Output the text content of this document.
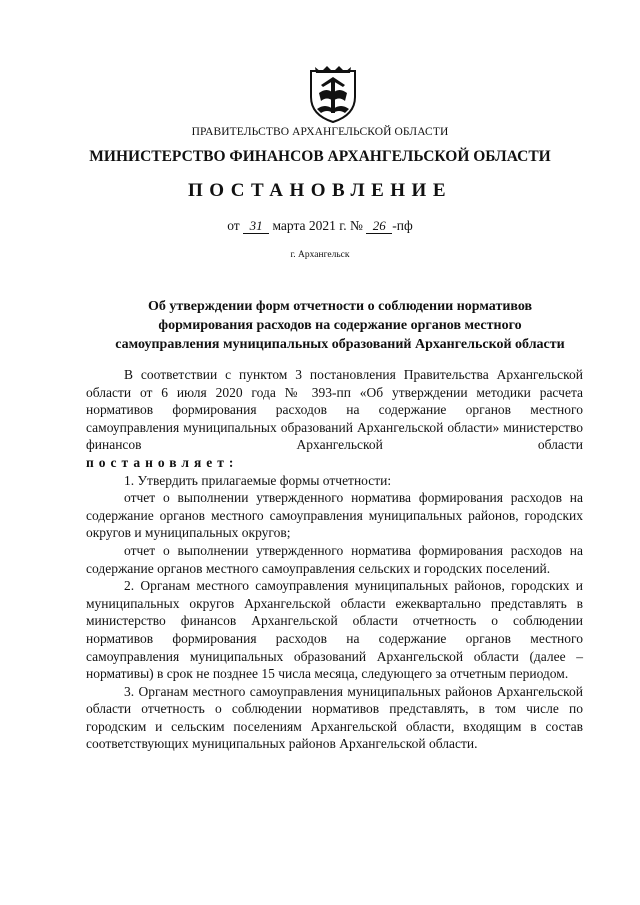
ПРАВИТЕЛЬСТВО АРХАНГЕЛЬСКОЙ ОБЛАСТИ
МИНИСТЕРСТВО ФИНАНСОВ АРХАНГЕЛЬСКОЙ ОБЛАСТИ
ПОСТАНОВЛЕНИЕ
от 31 марта 2021 г. № 26 -пф
г. Архангельск
Об утверждении форм отчетности о соблюдении нормативов формирования расходов на содержание органов местного самоуправления муниципальных образований Архангельской области
В соответствии с пунктом 3 постановления Правительства Архангельской области от 6 июля 2020 года № 393-пп «Об утверждении методики расчета нормативов формирования расходов на содержание органов местного самоуправления муниципальных образований Архангельской области» министерство финансов Архангельской области
постановляет:
1. Утвердить прилагаемые формы отчетности:
отчет о выполнении утвержденного норматива формирования расходов на содержание органов местного самоуправления муниципальных районов, городских округов и муниципальных округов;
отчет о выполнении утвержденного норматива формирования расходов на содержание органов местного самоуправления сельских и городских поселений.
2. Органам местного самоуправления муниципальных районов, городских и муниципальных округов Архангельской области ежеквартально представлять в министерство финансов Архангельской области отчетность о соблюдении нормативов формирования расходов на содержание органов местного самоуправления муниципальных образований Архангельской области (далее – нормативы) в срок не позднее 15 числа месяца, следующего за отчетным периодом.
3. Органам местного самоуправления муниципальных районов Архангельской области отчетность о соблюдении нормативов представлять, в том числе по городским и сельским поселениям Архангельской области, входящим в состав соответствующих муниципальных районов Архангельской области.
